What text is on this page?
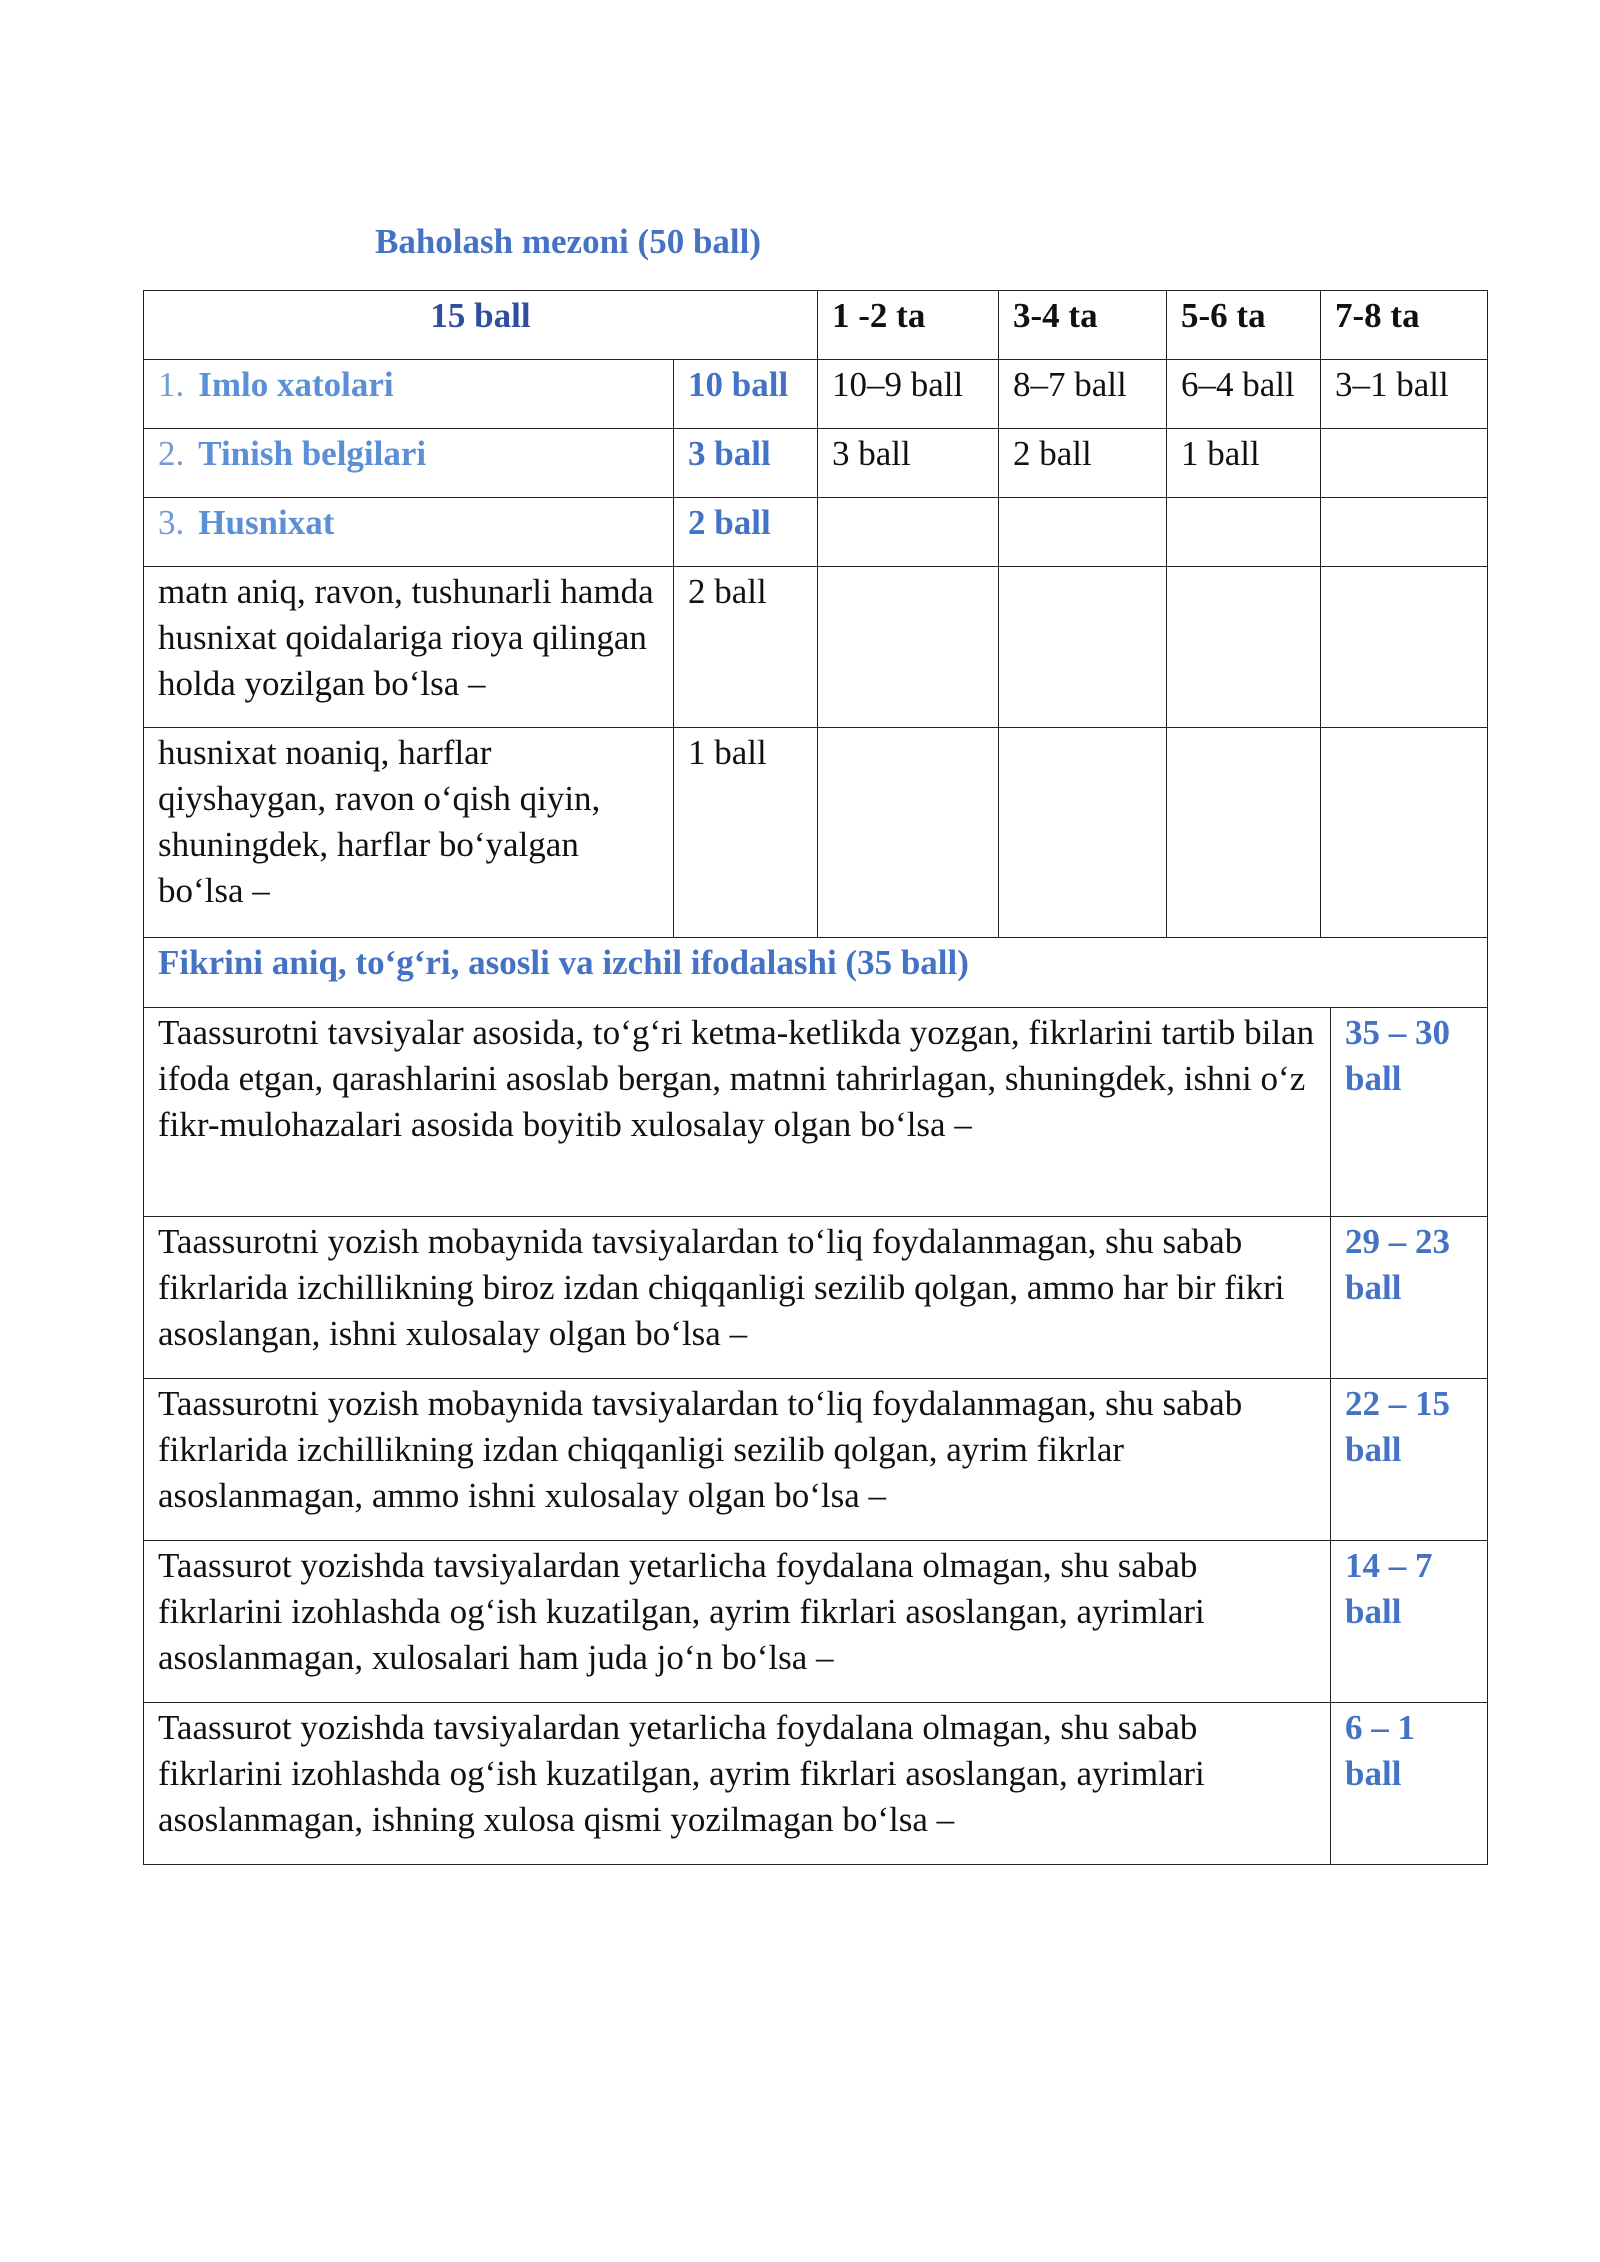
Baholash mezoni (50 ball)
15 ball		1 -2 ta	3-4 ta	5-6 ta	7-8 ta
1. Imlo xatolari	10 ball	10–9 ball	8–7 ball	6–4 ball	3–1 ball
2. Tinish belgilari	3 ball	3 ball	2 ball	1 ball	
3. Husnixat	2 ball				
matn aniq, ravon, tushunarli hamda husnixat qoidalariga rioya qilingan holda yozilgan bo‘lsa –	2 ball				
husnixat noaniq, harflar qiyshaygan, ravon o‘qish qiyin, shuningdek, harflar bo‘yalgan bo‘lsa –	1 ball				
Fikrini aniq, to‘g‘ri, asosli va izchil ifodalashi (35 ball)	
Taassurotni tavsiyalar asosida, to‘g‘ri ketma-ketlikda yozgan, fikrlarini tartib bilan ifoda etgan, qarashlarini asoslab bergan, matnni tahrirlagan, shuningdek, ishni o‘z fikr-mulohazalari asosida boyitib xulosalay olgan bo‘lsa –	35 – 30
ball
Taassurotni yozish mobaynida tavsiyalardan to‘liq foydalanmagan, shu sabab fikrlarida izchillikning biroz izdan chiqqanligi sezilib qolgan, ammo har bir fikri asoslangan, ishni xulosalay olgan bo‘lsa –	29 – 23
ball
Taassurotni yozish mobaynida tavsiyalardan to‘liq foydalanmagan, shu sabab fikrlarida izchillikning izdan chiqqanligi sezilib qolgan, ayrim fikrlar asoslanmagan, ammo ishni xulosalay olgan bo‘lsa –	22 – 15
ball
Taassurot yozishda tavsiyalardan yetarlicha foydalana olmagan, shu sabab fikrlarini izohlashda og‘ish kuzatilgan, ayrim fikrlari asoslangan, ayrimlari asoslanmagan, xulosalari ham juda jo‘n bo‘lsa –	14 – 7
ball
Taassurot yozishda tavsiyalardan yetarlicha foydalana olmagan, shu sabab fikrlarini izohlashda og‘ish kuzatilgan, ayrim fikrlari asoslangan, ayrimlari asoslanmagan, ishning xulosa qismi yozilmagan bo‘lsa –	6 – 1
ball
